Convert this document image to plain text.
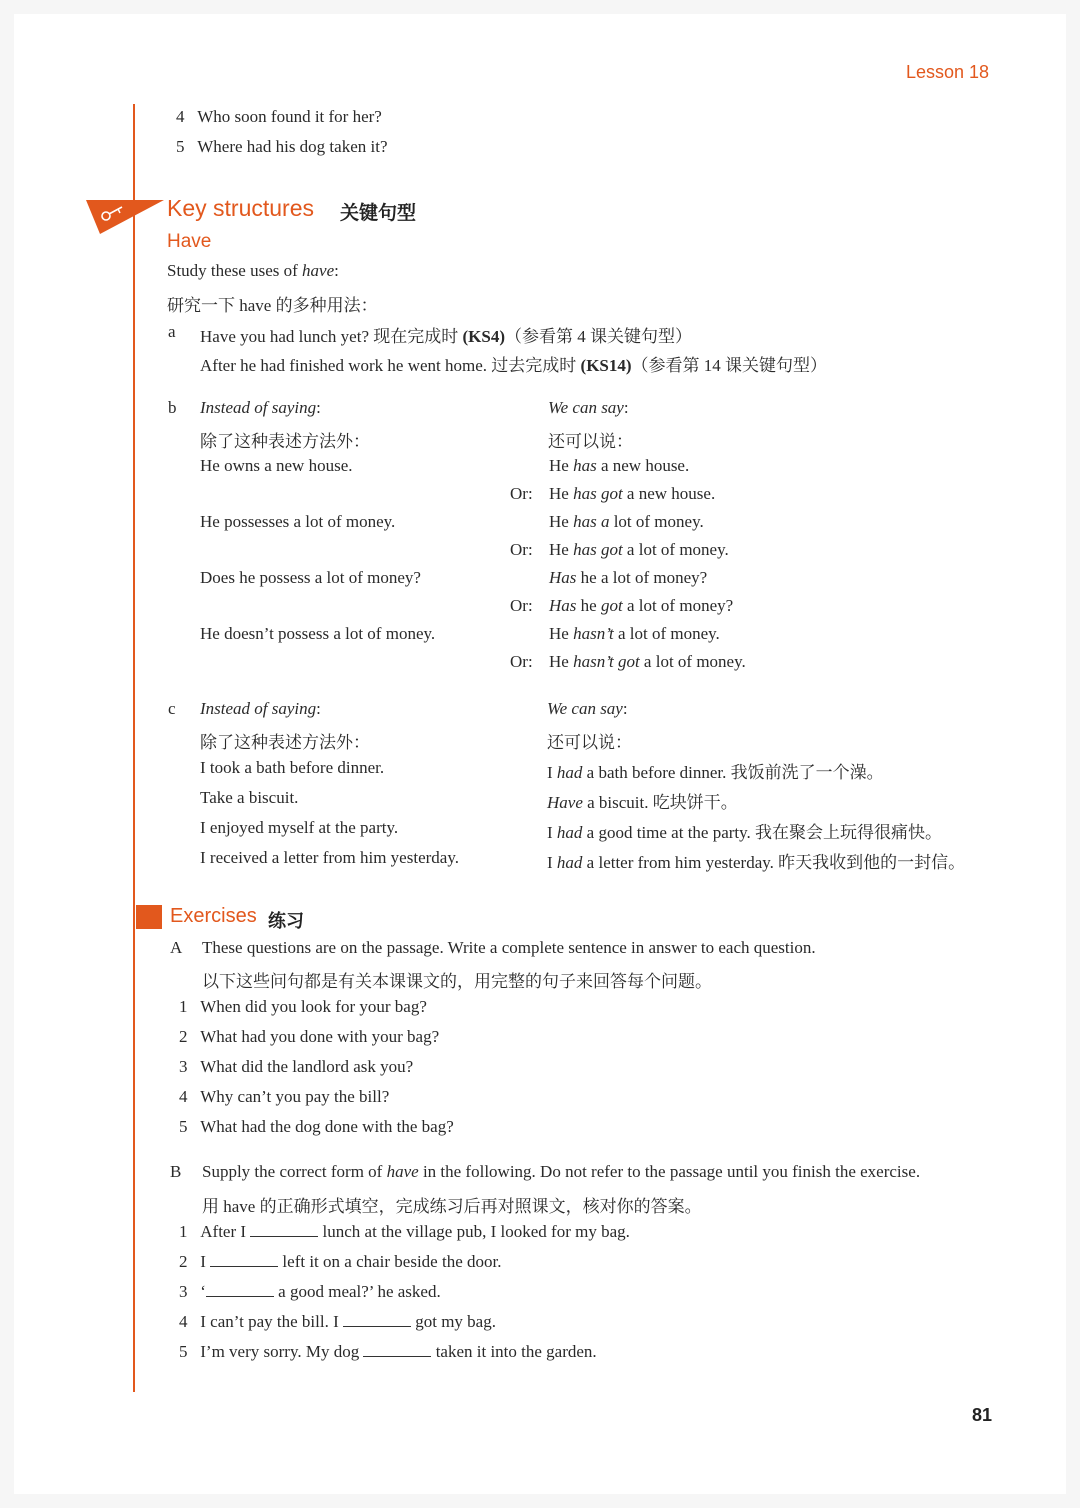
Lesson 18
4 Who soon found it for her?
5 Where had his dog taken it?
Key structures 关键句型
Have
Study these uses of have:
研究一下 have 的多种用法：
a Have you had lunch yet? 现在完成时 (KS4)（参看第 4 课关键句型）
After he had finished work he went home. 过去完成时 (KS14)（参看第 14 课关键句型）
b Instead of saying:	We can say:
除了这种表述方法外：	还可以说：
He owns a new house.	He has a new house.
Or: He has got a new house.
He possesses a lot of money.	He has a lot of money.
Or: He has got a lot of money.
Does he possess a lot of money?	Has he a lot of money?
Or: Has he got a lot of money?
He doesn’t possess a lot of money.	He hasn’t a lot of money.
Or: He hasn’t got a lot of money.
c Instead of saying:	We can say:
除了这种表述方法外：	还可以说：
I took a bath before dinner.	I had a bath before dinner. 我饭前洗了一个澡。
Take a biscuit.	Have a biscuit. 吃块饼干。
I enjoyed myself at the party.	I had a good time at the party. 我在聚会上玩得很痛快。
I received a letter from him yesterday.	I had a letter from him yesterday. 昨天我收到他的一封信。
Exercises 练习
A These questions are on the passage. Write a complete sentence in answer to each question.
以下这些问句都是有关本课课文的，用完整的句子来回答每个问题。
1 When did you look for your bag?
2 What had you done with your bag?
3 What did the landlord ask you?
4 Why can’t you pay the bill?
5 What had the dog done with the bag?
B Supply the correct form of have in the following. Do not refer to the passage until you finish the exercise.
用 have 的正确形式填空，完成练习后再对照课文，核对你的答案。
1 After I	lunch at the village pub, I looked for my bag.
2 I	left it on a chair beside the door.
3 ‘	a good meal?’ he asked.
4 I can’t pay the bill. I	got my bag.
5 I’m very sorry. My dog	taken it into the garden.
81
